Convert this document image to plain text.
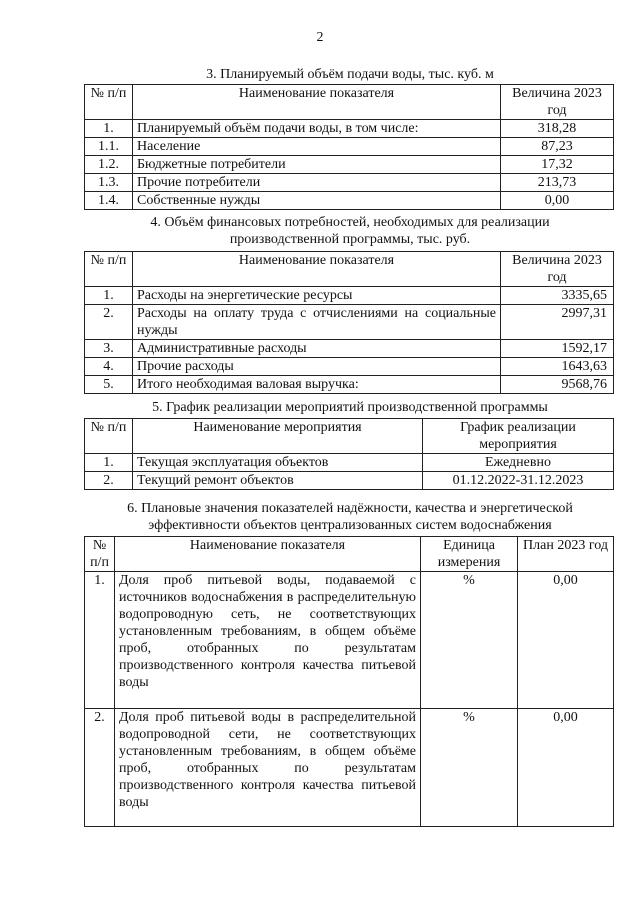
2
3. Планируемый объём подачи воды, тыс. куб. м
№ п/п	Наименование показателя	Величина 2023 год
1.	Планируемый объём подачи воды, в том числе:	318,28
1.1.	Население	87,23
1.2.	Бюджетные потребители	17,32
1.3.	Прочие потребители	213,73
1.4.	Собственные нужды	0,00
4. Объём финансовых потребностей, необходимых для реализации
производственной программы, тыс. руб.
№ п/п	Наименование показателя	Величина 2023 год
1.	Расходы на энергетические ресурсы	3335,65
2.	Расходы на оплату труда с отчислениями на социальные нужды	2997,31
3.	Административные расходы	1592,17
4.	Прочие расходы	1643,63
5.	Итого необходимая валовая выручка:	9568,76
5. График реализации мероприятий производственной программы
№ п/п	Наименование мероприятия	График реализации мероприятия
1.	Текущая эксплуатация объектов	Ежедневно
2.	Текущий ремонт объектов	01.12.2022-31.12.2023
6. Плановые значения показателей надёжности, качества и энергетической
эффективности объектов централизованных систем водоснабжения
№ п/п	Наименование показателя	Единица измерения	План 2023 год
1.	Доля проб питьевой воды, подаваемой с источников водоснабжения в распределительную водопроводную сеть, не соответствующих установленным требованиям, в общем объёме проб, отобранных по результатам производственного контроля качества питьевой воды	%	0,00
2.	Доля проб питьевой воды в распределительной водопроводной сети, не соответствующих установленным требованиям, в общем объёме проб, отобранных по результатам производственного контроля качества питьевой воды	%	0,00
